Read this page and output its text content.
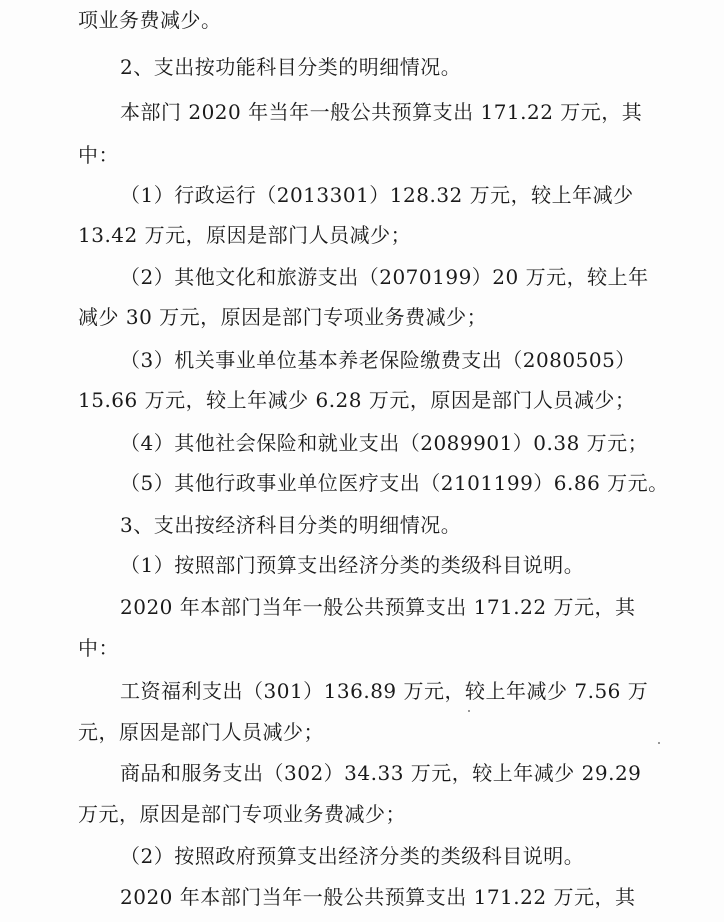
项业务费减少。
2、支出按功能科目分类的明细情况。
本部门 2020 年当年一般公共预算支出 171.22 万元，其
中：
（1）行政运行（2013301）128.32 万元，较上年减少
13.42 万元，原因是部门人员减少；
（2）其他文化和旅游支出（2070199）20 万元，较上年
减少 30 万元，原因是部门专项业务费减少；
（3）机关事业单位基本养老保险缴费支出（2080505）
15.66 万元，较上年减少 6.28 万元，原因是部门人员减少；
（4）其他社会保险和就业支出（2089901）0.38 万元；
（5）其他行政事业单位医疗支出（2101199）6.86 万元。
3、支出按经济科目分类的明细情况。
（1）按照部门预算支出经济分类的类级科目说明。
2020 年本部门当年一般公共预算支出 171.22 万元，其
中：
工资福利支出（301）136.89 万元，较上年减少 7.56 万
元，原因是部门人员减少；
商品和服务支出（302）34.33 万元，较上年减少 29.29
万元，原因是部门专项业务费减少；
（2）按照政府预算支出经济分类的类级科目说明。
2020 年本部门当年一般公共预算支出 171.22 万元，其
